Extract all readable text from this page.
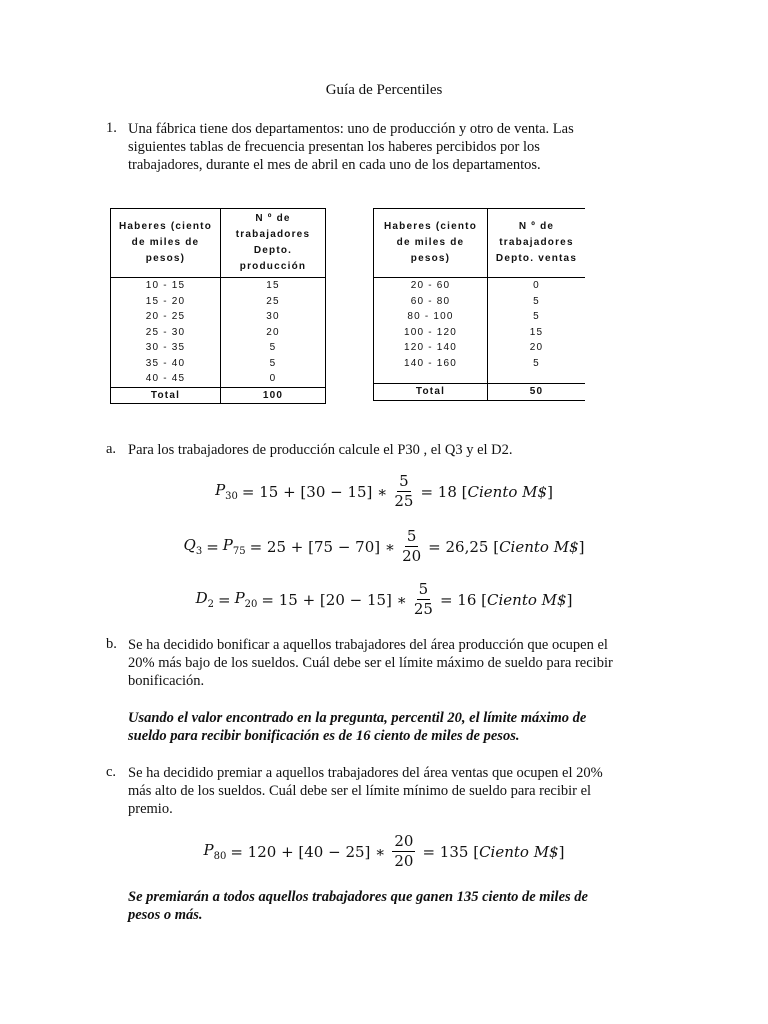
Guía de Percentiles
1. Una fábrica tiene dos departamentos: uno de producción y otro de venta. Las
siguientes tablas de frecuencia presentan los haberes percibidos por los
trabajadores, durante el mes de abril en cada uno de los departamentos.
Haberes (ciento de miles de pesos)	N º de trabajadores Depto. producción
10 - 15	15
15 - 20	25
20 - 25	30
25 - 30	20
30 - 35	5
35 - 40	5
40 - 45	0
Total	100
Haberes (ciento de miles de pesos)	N º de trabajadores Depto. ventas
20 - 60	0
60 - 80	5
80 - 100	5
100 - 120	15
120 - 140	20
140 - 160	5

Total	50
a. Para los trabajadores de producción calcule el P30 , el Q3 y el D2.
$P_{30} = 15 + [30 - 15]$ ∗ $\frac{5}{25} = 18$ [Ciento M$]
$Q_3 = P_{75} = 25 + [75 - 70]$ ∗ $\frac{5}{20} = 26,25$ [Ciento M$]
$D_2 = P_{20} = 15 + [20 - 15]$ ∗ $\frac{5}{25} = 16$ [Ciento M$]
b. Se ha decidido bonificar a aquellos trabajadores del área producción que ocupen el
20% más bajo de los sueldos. Cuál debe ser el límite máximo de sueldo para recibir
bonificación.
Usando el valor encontrado en la pregunta, percentil 20, el límite máximo de
sueldo para recibir bonificación es de 16 ciento de miles de pesos.
c. Se ha decidido premiar a aquellos trabajadores del área ventas que ocupen el 20%
más alto de los sueldos. Cuál debe ser el límite mínimo de sueldo para recibir el
premio.
$P_{80} = 120 + [40 - 25]$ ∗ $\frac{20}{20} = 135$ [Ciento M$]
Se premiarán a todos aquellos trabajadores que ganen 135 ciento de miles de
pesos o más.
